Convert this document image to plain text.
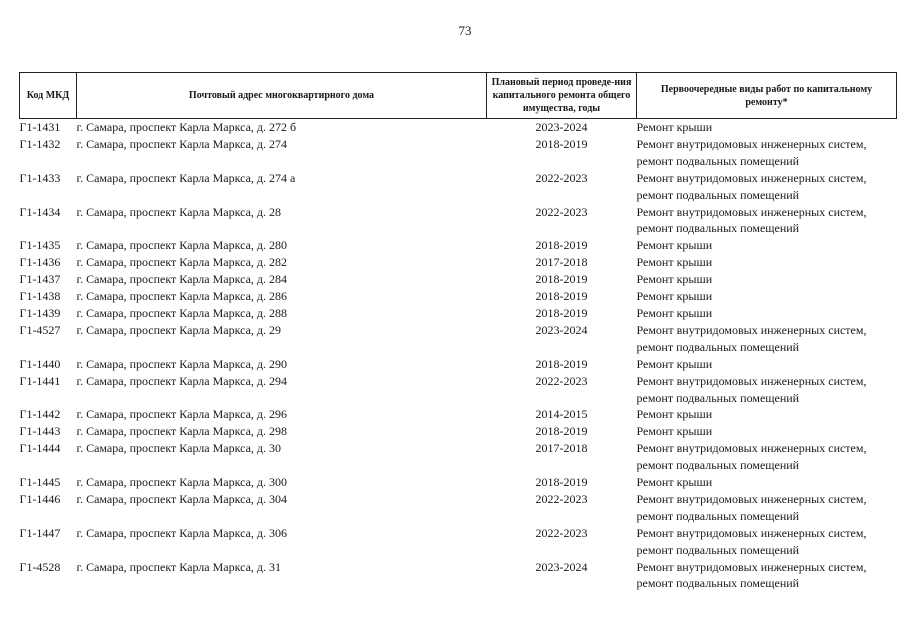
73
Код МКД	Почтовый адрес многоквартирного дома	Плановый период проведе-ния капитального ремонта общего имущества, годы	Первоочередные виды работ по капитальному ремонту*
Г1-1431	г. Самара, проспект Карла Маркса, д. 272 б	2023-2024	Ремонт крыши

Г1-1432	г. Самара, проспект Карла Маркса, д. 274	2018-2019	Ремонт внутридомовых инженерных систем,
ремонт подвальных помещений

Г1-1433	г. Самара, проспект Карла Маркса, д. 274 а	2022-2023	Ремонт внутридомовых инженерных систем,
ремонт подвальных помещений

Г1-1434	г. Самара, проспект Карла Маркса, д. 28	2022-2023	Ремонт внутридомовых инженерных систем,
ремонт подвальных помещений

Г1-1435	г. Самара, проспект Карла Маркса, д. 280	2018-2019	Ремонт крыши

Г1-1436	г. Самара, проспект Карла Маркса, д. 282	2017-2018	Ремонт крыши

Г1-1437	г. Самара, проспект Карла Маркса, д. 284	2018-2019	Ремонт крыши

Г1-1438	г. Самара, проспект Карла Маркса, д. 286	2018-2019	Ремонт крыши

Г1-1439	г. Самара, проспект Карла Маркса, д. 288	2018-2019	Ремонт крыши

Г1-4527	г. Самара, проспект Карла Маркса, д. 29	2023-2024	Ремонт внутридомовых инженерных систем,
ремонт подвальных помещений

Г1-1440	г. Самара, проспект Карла Маркса, д. 290	2018-2019	Ремонт крыши

Г1-1441	г. Самара, проспект Карла Маркса, д. 294	2022-2023	Ремонт внутридомовых инженерных систем,
ремонт подвальных помещений

Г1-1442	г. Самара, проспект Карла Маркса, д. 296	2014-2015	Ремонт крыши

Г1-1443	г. Самара, проспект Карла Маркса, д. 298	2018-2019	Ремонт крыши

Г1-1444	г. Самара, проспект Карла Маркса, д. 30	2017-2018	Ремонт внутридомовых инженерных систем,
ремонт подвальных помещений

Г1-1445	г. Самара, проспект Карла Маркса, д. 300	2018-2019	Ремонт крыши

Г1-1446	г. Самара, проспект Карла Маркса, д. 304	2022-2023	Ремонт внутридомовых инженерных систем,
ремонт подвальных помещений

Г1-1447	г. Самара, проспект Карла Маркса, д. 306	2022-2023	Ремонт внутридомовых инженерных систем,
ремонт подвальных помещений

Г1-4528	г. Самара, проспект Карла Маркса, д. 31	2023-2024	Ремонт внутридомовых инженерных систем,
ремонт подвальных помещений
